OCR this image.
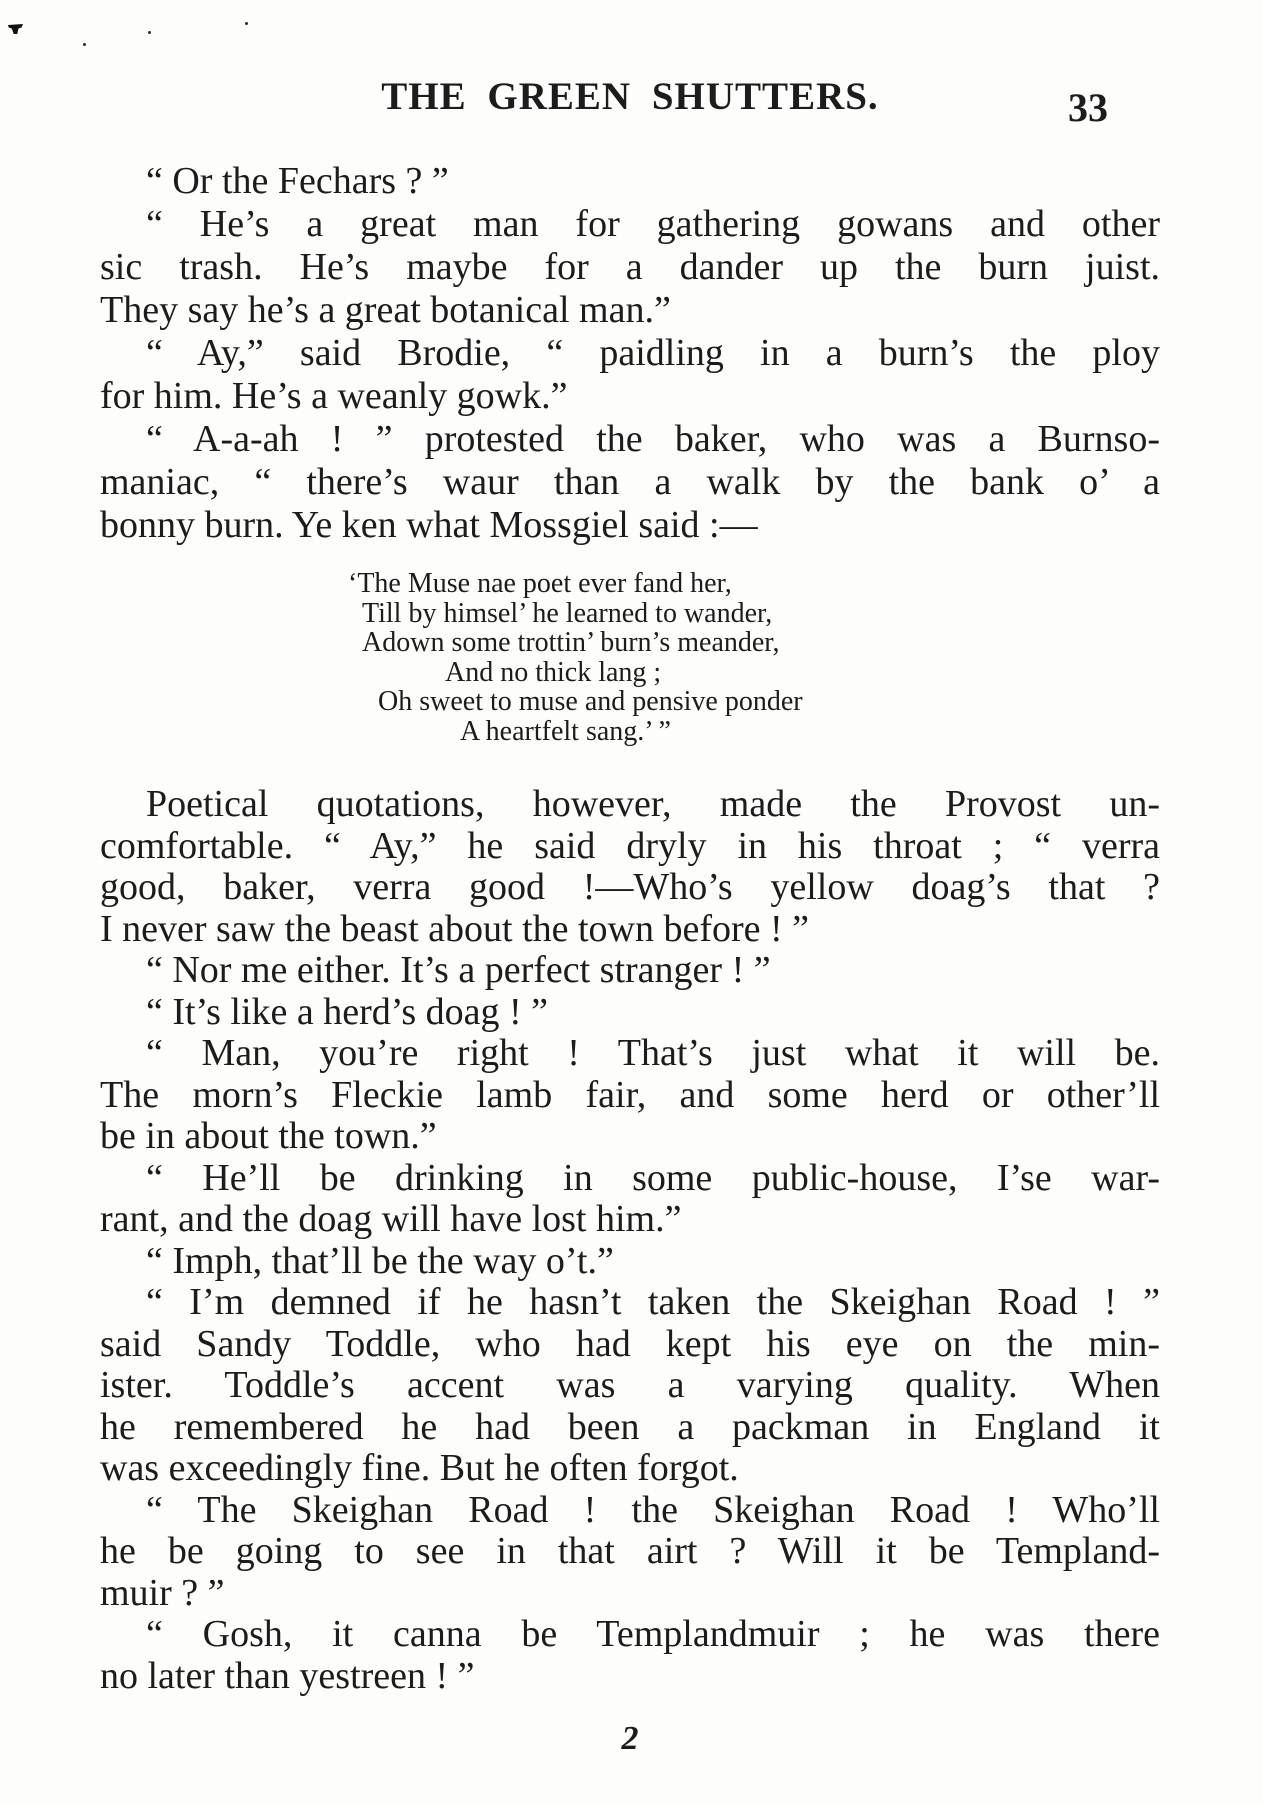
THE GREEN SHUTTERS.	33
“ Or the Fechars ? ”
“ He’s a great man for gathering gowans and other
sic trash. He’s maybe for a dander up the burn juist.
They say he’s a great botanical man.”
“ Ay,” said Brodie, “ paidling in a burn’s the ploy
for him. He’s a weanly gowk.”
“ A-a-ah ! ” protested the baker, who was a Burnso-
maniac, “ there’s waur than a walk by the bank o’ a
bonny burn. Ye ken what Mossgiel said :—
‘The Muse nae poet ever fand her,
Till by himsel’ he learned to wander,
Adown some trottin’ burn’s meander,
And no thick lang ;
Oh sweet to muse and pensive ponder
A heartfelt sang.’ ”
Poetical quotations, however, made the Provost un-
comfortable. “ Ay,” he said dryly in his throat ; “ verra
good, baker, verra good !—Who’s yellow doag’s that ?
I never saw the beast about the town before ! ”
“ Nor me either. It’s a perfect stranger ! ”
“ It’s like a herd’s doag ! ”
“ Man, you’re right ! That’s just what it will be.
The morn’s Fleckie lamb fair, and some herd or other’ll
be in about the town.”
“ He’ll be drinking in some public-house, I’se war-
rant, and the doag will have lost him.”
“ Imph, that’ll be the way o’t.”
“ I’m demned if he hasn’t taken the Skeighan Road ! ”
said Sandy Toddle, who had kept his eye on the min-
ister. Toddle’s accent was a varying quality. When
he remembered he had been a packman in England it
was exceedingly fine. But he often forgot.
“ The Skeighan Road ! the Skeighan Road ! Who’ll
he be going to see in that airt ? Will it be Templand-
muir ? ”
“ Gosh, it canna be Templandmuir ; he was there
no later than yestreen ! ”
2
